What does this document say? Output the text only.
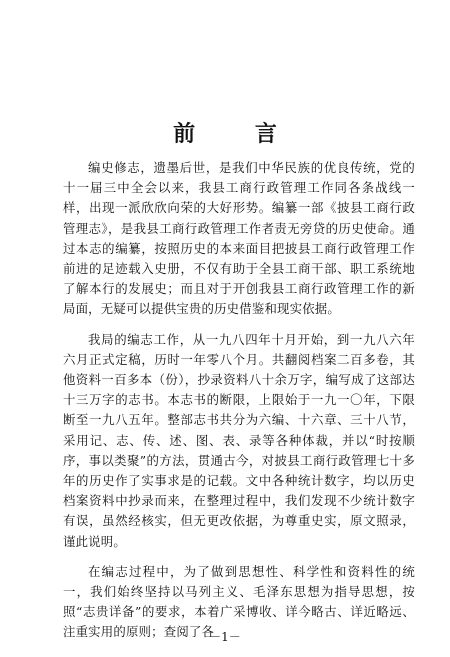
前 言

编史修志，遗墨后世，是我们中华民族的优良传统，党的十一届三中全会以来，我县工商行政管理工作同各条战线一样，出现一派欣欣向荣的大好形势。编纂一部《披县工商行政管理志》，是我县工商行政管理工作者责无旁贷的历史使命。通过本志的编纂，按照历史的本来面目把披县工商行政管理工作前进的足迹载入史册，不仅有助于全县工商干部、职工系统地了解本行的发展史；而且对于开创我县工商行政管理工作的新局面，无疑可以提供宝贵的历史借鉴和现实依据。

我局的编志工作，从一九八四年十月开始，到一九八六年六月正式定稿，历时一年零八个月。共翻阅档案二百多卷，其他资料一百多本（份），抄录资料八十余万字，编写成了这部达十三万字的志书。本志书的断限，上限始于一九一〇年，下限断至一九八五年。整部志书共分为六编、十六章、三十八节，采用记、志、传、述、图、表、录等各种体裁，并以“时按顺序，事以类聚”的方法，贯通古今，对披县工商行政管理七十多年的历史作了实事求是的记载。文中各种统计数字，均以历史档案资料中抄录而来，在整理过程中，我们发现不少统计数字有误，虽然经核实，但无更改依据，为尊重史实，原文照录，谨此说明。

在编志过程中，为了做到思想性、科学性和资料性的统一，我们始终坚持以马列主义、毛泽东思想为指导思想，按照“志贵详备”的要求，本着广采博收、详今略古、详近略远、注重实用的原则；查阅了各

－1－
